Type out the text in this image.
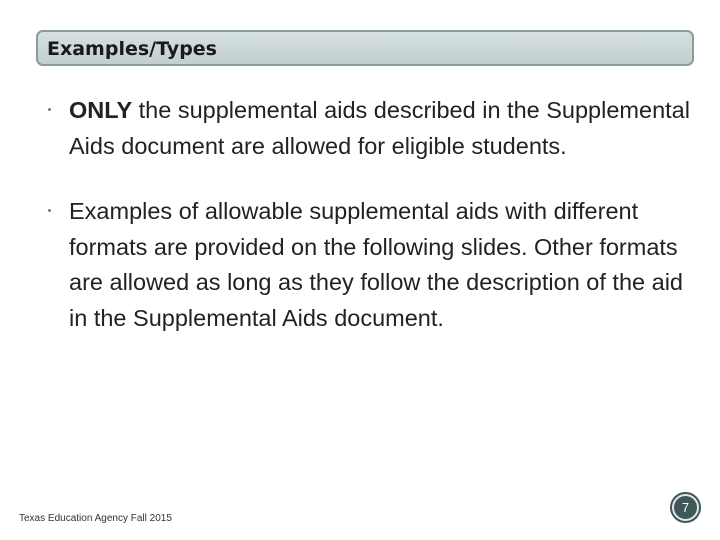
Examples/Types
ONLY the supplemental aids described in the Supplemental Aids document are allowed for eligible students.
Examples of allowable supplemental aids with different formats are provided on the following slides. Other formats are allowed as long as they follow the description of the aid in the Supplemental Aids document.
Texas Education Agency Fall 2015
7
